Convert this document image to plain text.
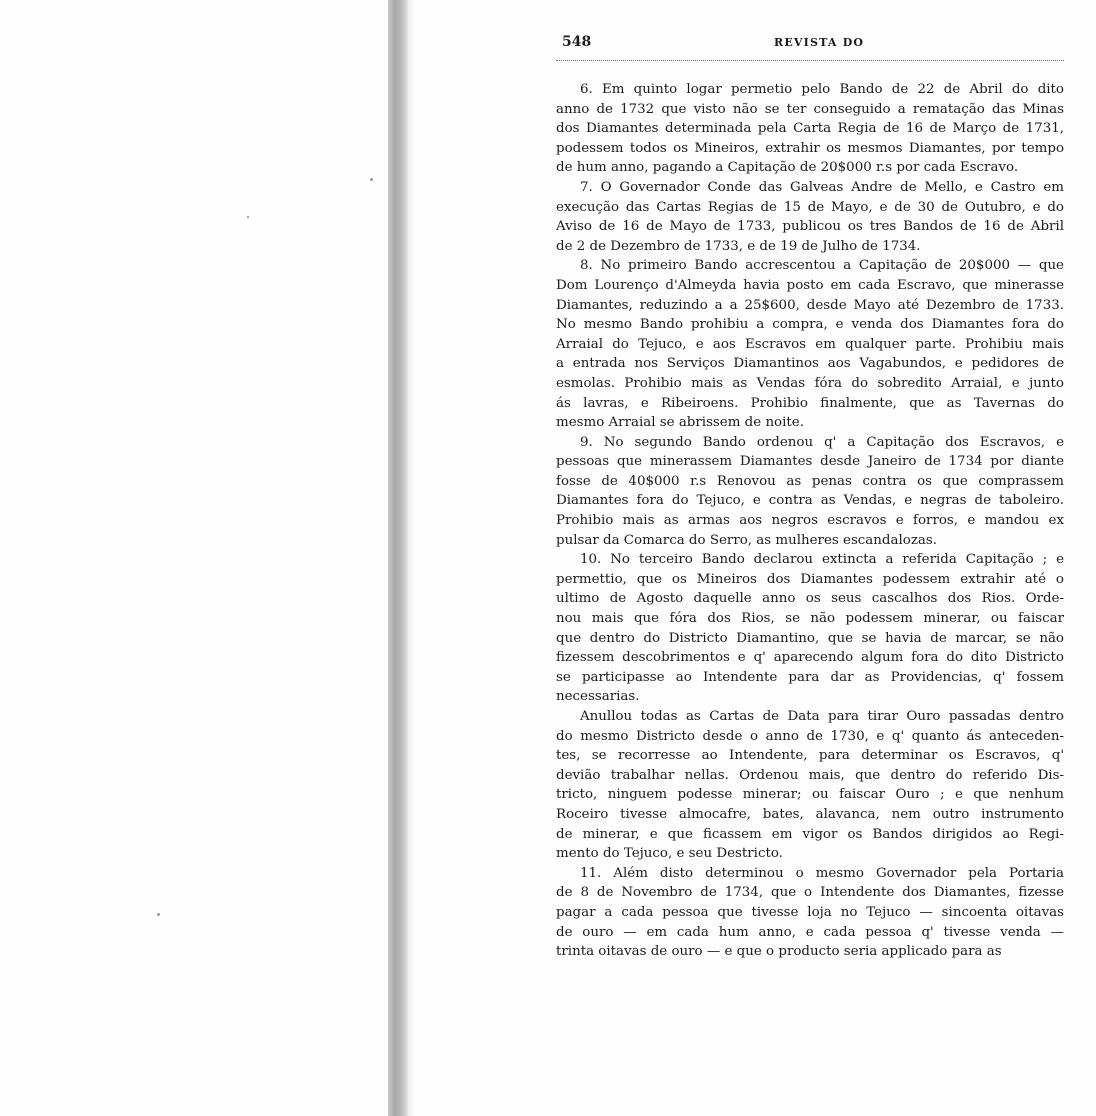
548	REVISTA DO
6. Em quinto logar permetio pelo Bando de 22 de Abril do dito
anno de 1732 que visto não se ter conseguido a rematação das Minas
dos Diamantes determinada pela Carta Regia de 16 de Março de 1731,
podessem todos os Mineiros, extrahir os mesmos Diamantes, por tempo
de hum anno, pagando a Capitação de 20$000 r.s por cada Escravo.
7. O Governador Conde das Galveas Andre de Mello, e Castro em
execução das Cartas Regias de 15 de Mayo, e de 30 de Outubro, e do
Aviso de 16 de Mayo de 1733, publicou os tres Bandos de 16 de Abril
de 2 de Dezembro de 1733, e de 19 de Julho de 1734.
8. No primeiro Bando accrescentou a Capitação de 20$000 — que
Dom Lourenço d'Almeyda havia posto em cada Escravo, que minerasse
Diamantes, reduzindo a a 25$600, desde Mayo até Dezembro de 1733.
No mesmo Bando prohibiu a compra, e venda dos Diamantes fora do
Arraial do Tejuco, e aos Escravos em qualquer parte. Prohibiu mais
a entrada nos Serviços Diamantinos aos Vagabundos, e pedidores de
esmolas. Prohibio mais as Vendas fóra do sobredito Arraial, e junto
ás lavras, e Ribeiroens. Prohibio finalmente, que as Tavernas do
mesmo Arraial se abrissem de noite.
9. No segundo Bando ordenou q' a Capitação dos Escravos, e
pessoas que minerassem Diamantes desde Janeiro de 1734 por diante
fosse de 40$000 r.s Renovou as penas contra os que comprassem
Diamantes fora do Tejuco, e contra as Vendas, e negras de taboleiro.
Prohibio mais as armas aos negros escravos e forros, e mandou ex
pulsar da Comarca do Serro, as mulheres escandalozas.
10. No terceiro Bando declarou extincta a referida Capitação ; e
permettio, que os Mineiros dos Diamantes podessem extrahir até o
ultimo de Agosto daquelle anno os seus cascalhos dos Rios. Orde-
nou mais que fóra dos Rios, se não podessem minerar, ou faiscar
que dentro do Districto Diamantino, que se havia de marcar, se não
fizessem descobrimentos e q' aparecendo algum fora do dito Districto
se participasse ao Intendente para dar as Providencias, q' fossem
necessarias.
Anullou todas as Cartas de Data para tirar Ouro passadas dentro
do mesmo Districto desde o anno de 1730, e q' quanto ás anteceden-
tes, se recorresse ao Intendente, para determinar os Escravos, q'
devião trabalhar nellas. Ordenou mais, que dentro do referido Dis-
tricto, ninguem podesse minerar; ou faiscar Ouro ; e que nenhum
Roceiro tivesse almocafre, bates, alavanca, nem outro instrumento
de minerar, e que ficassem em vigor os Bandos dirigidos ao Regi-
mento do Tejuco, e seu Destricto.
11. Além disto determinou o mesmo Governador pela Portaria
de 8 de Novembro de 1734, que o Intendente dos Diamantes, fizesse
pagar a cada pessoa que tivesse loja no Tejuco — sincoenta oitavas
de ouro — em cada hum anno, e cada pessoa q' tivesse venda —
trinta oitavas de ouro — e que o producto seria applicado para as
